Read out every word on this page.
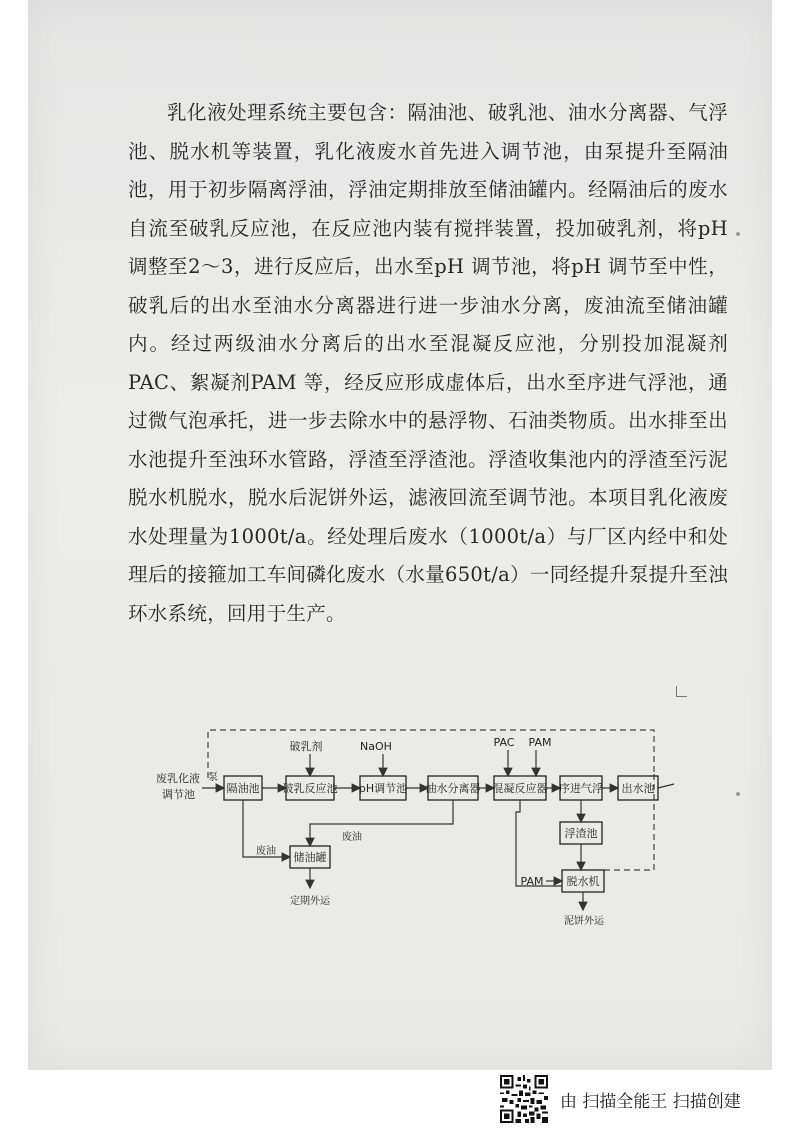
乳化液处理系统主要包含：隔油池、破乳池、油水分离器、气浮池、脱水机等装置，乳化液废水首先进入调节池，由泵提升至隔油池，用于初步隔离浮油，浮油定期排放至储油罐内。经隔油后的废水自流至破乳反应池，在反应池内装有搅拌装置，投加破乳剂，将pH 调整至2～3，进行反应后，出水至pH 调节池，将pH 调节至中性，破乳后的出水至油水分离器进行进一步油水分离，废油流至储油罐内。经过两级油水分离后的出水至混凝反应池，分别投加混凝剂PAC、絮凝剂PAM 等，经反应形成虚体后，出水至序进气浮池，通过微气泡承托，进一步去除水中的悬浮物、石油类物质。出水排至出水池提升至浊环水管路，浮渣至浮渣池。浮渣收集池内的浮渣至污泥脱水机脱水，脱水后泥饼外运，滤液回流至调节池。本项目乳化液废水处理量为1000t/a。经处理后废水（1000t/a）与厂区内经中和处理后的接箍加工车间磷化废水（水量650t/a）一同经提升泵提升至浊环水系统，回用于生产。

废乳化液
调节池
泵
隔油池 破乳反应池 pH调节池 油水分离器 混凝反应器 序进气浮 出水池
浮渣池
储油罐
脱水机
破乳剂	NaOH	PAC PAM
PAM
废油
废油
定期外运
泥饼外运
由 扫描全能王 扫描创建
